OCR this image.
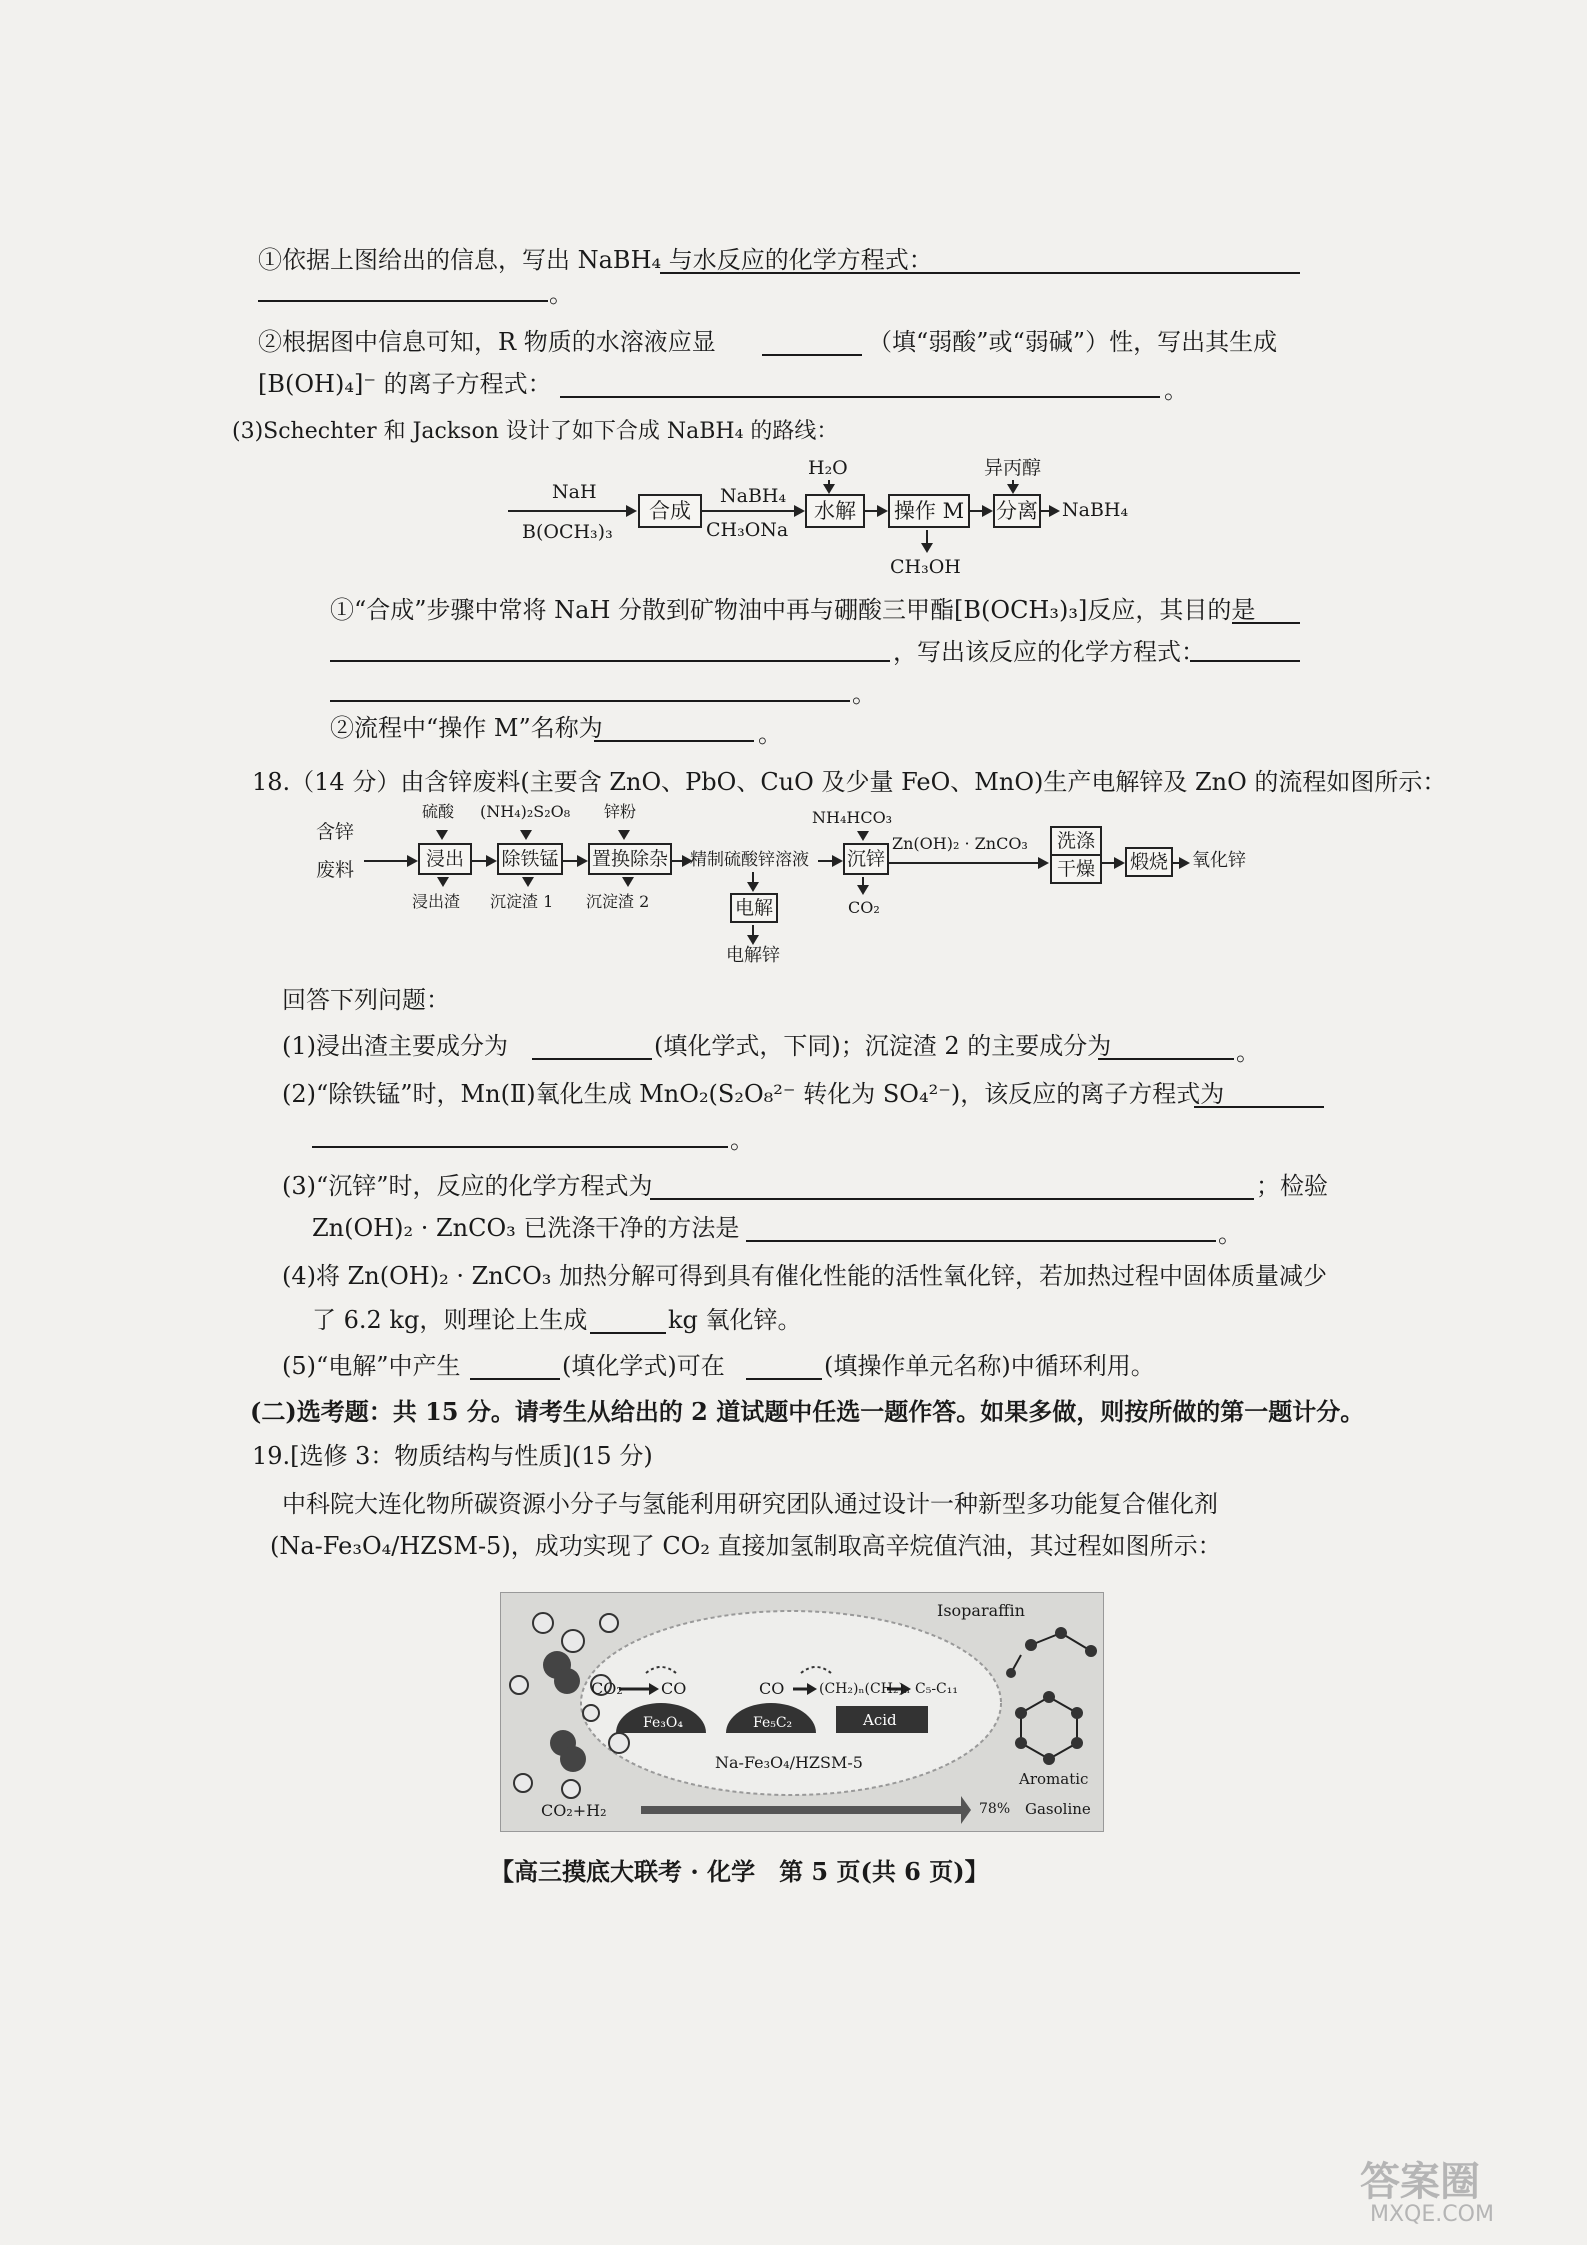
①依据上图给出的信息，写出 NaBH₄ 与水反应的化学方程式：
。
②根据图中信息可知，R 物质的水溶液应显	（填“弱酸”或“弱碱”）性，写出其生成
[B(OH)₄]⁻ 的离子方程式：	。
(3)Schechter 和 Jackson 设计了如下合成 NaBH₄ 的路线：
NaH
B(OCH₃)₃
合成
NaBH₄
CH₃ONa
H₂O
水解	操作 M
CH₃OH
异丙醇
分离 NaBH₄
①“合成”步骤中常将 NaH 分散到矿物油中再与硼酸三甲酯[B(OCH₃)₃]反应，其目的是
，写出该反应的化学方程式：
。
②流程中“操作 M”名称为	。
18.（14 分）由含锌废料(主要含 ZnO、PbO、CuO 及少量 FeO、MnO)生产电解锌及 ZnO 的流程如图所示：
含锌
废料
硫酸
浸出
(NH₄)₂S₂O₈
除铁锰
锌粉
置换除杂 精制硫酸锌溶液
NH₄HCO₃
沉锌
Zn(OH)₂ · ZnCO₃ 洗涤
干燥 煅烧 氧化锌
浸出渣 沉淀渣 1 沉淀渣 2	电解
电解锌
CO₂
回答下列问题：
(1)浸出渣主要成分为	(填化学式，下同)；沉淀渣 2 的主要成分为	。
(2)“除铁锰”时，Mn(Ⅱ)氧化生成 MnO₂(S₂O₈²⁻ 转化为 SO₄²⁻)，该反应的离子方程式为
。
(3)“沉锌”时，反应的化学方程式为	；检验
Zn(OH)₂ · ZnCO₃ 已洗涤干净的方法是	。
(4)将 Zn(OH)₂ · ZnCO₃ 加热分解可得到具有催化性能的活性氧化锌，若加热过程中固体质量减少
了 6.2 kg，则理论上生成	kg 氧化锌。
(5)“电解”中产生	(填化学式)可在	(填操作单元名称)中循环利用。
(二)选考题：共 15 分。请考生从给出的 2 道试题中任选一题作答。如果多做，则按所做的第一题计分。
19.[选修 3：物质结构与性质](15 分)
中科院大连化物所碳资源小分子与氢能利用研究团队通过设计一种新型多功能复合催化剂
(Na-Fe₃O₄/HZSM-5)，成功实现了 CO₂ 直接加氢制取高辛烷值汽油，其过程如图所示：
Isoparaffin
CO₂ CO	CO (CH₂)ₙ(CH₂)ₙ C₅-C₁₁
Fe₃O₄	Fe₅C₂	Acid
Na-Fe₃O₄/HZSM-5
CO₂+H₂	78%
Aromatic
Gasoline
【高三摸底大联考 · 化学　第 5 页(共 6 页)】
答案圈
MXQE.COM
